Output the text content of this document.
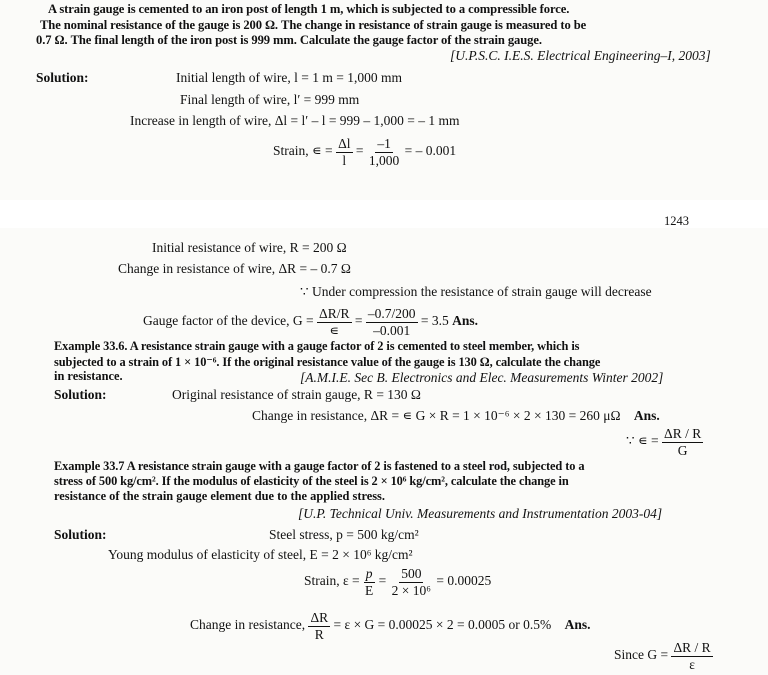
A strain gauge is cemented to an iron post of length 1 m, which is subjected to a compressible force.
The nominal resistance of the gauge is 200 Ω. The change in resistance of strain gauge is measured to be
0.7 Ω. The final length of the iron post is 999 mm. Calculate the gauge factor of the strain gauge.
[U.P.S.C. I.E.S. Electrical Engineering–I, 2003]
Solution:	Initial length of wire, l = 1 m = 1,000 mm
Final length of wire, l′ = 999 mm
Increase in length of wire, Δl = l′ – l = 999 – 1,000 = – 1 mm
Strain, ∊ = $\frac{\Delta l}{l} = \frac{-1}{1,000}$ = – 0.001
1243
Initial resistance of wire, R = 200 Ω
Change in resistance of wire, ΔR = – 0.7 Ω
∵ Under compression the resistance of strain gauge will decrease
Gauge factor of the device, $G = \frac{\Delta R/R}{∊} = \frac{-0.7/200}{-0.001} = 3.5$ Ans.
Example 33.6. A resistance strain gauge with a gauge factor of 2 is cemented to steel member, which is
subjected to a strain of 1 × 10⁻⁶. If the original resistance value of the gauge is 130 Ω, calculate the change
in resistance.	[A.M.I.E. Sec B. Electronics and Elec. Measurements Winter 2002]
Solution:	Original resistance of strain gauge, R = 130 Ω
Change in resistance, ΔR = ∊ G × R = 1 × 10⁻⁶ × 2 × 130 = 260 μΩ Ans.
∵ ∊ = $\frac{\Delta R / R}{G}$
Example 33.7 A resistance strain gauge with a gauge factor of 2 is fastened to a steel rod, subjected to a
stress of 500 kg/cm². If the modulus of elasticity of the steel is 2 × 10⁶ kg/cm², calculate the change in
resistance of the strain gauge element due to the applied stress.
[U.P. Technical Univ. Measurements and Instrumentation 2003-04]
Solution:	Steel stress, p = 500 kg/cm²
Young modulus of elasticity of steel, E = 2 × 10⁶ kg/cm²
Strain, $\varepsilon = \frac{p}{E} = \frac{500}{\text{2 × 10⁶}} = 0.00025$
Change in resistance, $\frac{\Delta R}{R} = \varepsilon \times G = 0.00025 \times 2 = 0.0005$ or 0.5% Ans.
Since $G = \frac{\Delta R / R}{\varepsilon}$
